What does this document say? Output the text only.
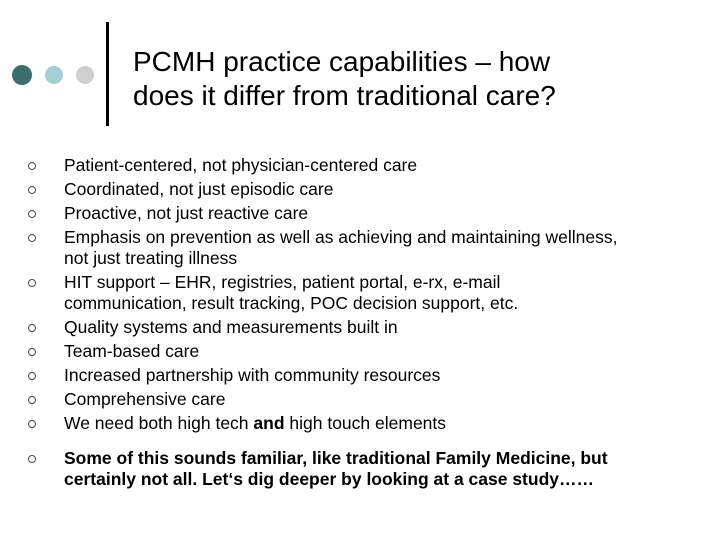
PCMH practice capabilities – how
does it differ from traditional care?
Patient-centered, not physician-centered care
Coordinated, not just episodic care
Proactive, not just reactive care
Emphasis on prevention as well as achieving and maintaining wellness,
not just treating illness
HIT support – EHR, registries, patient portal, e-rx, e-mail
communication, result tracking, POC decision support, etc.
Quality systems and measurements built in
Team-based care
Increased partnership with community resources
Comprehensive care
We need both high tech and high touch elements
Some of this sounds familiar, like traditional Family Medicine, but
certainly not all. Let‘s dig deeper by looking at a case study……
